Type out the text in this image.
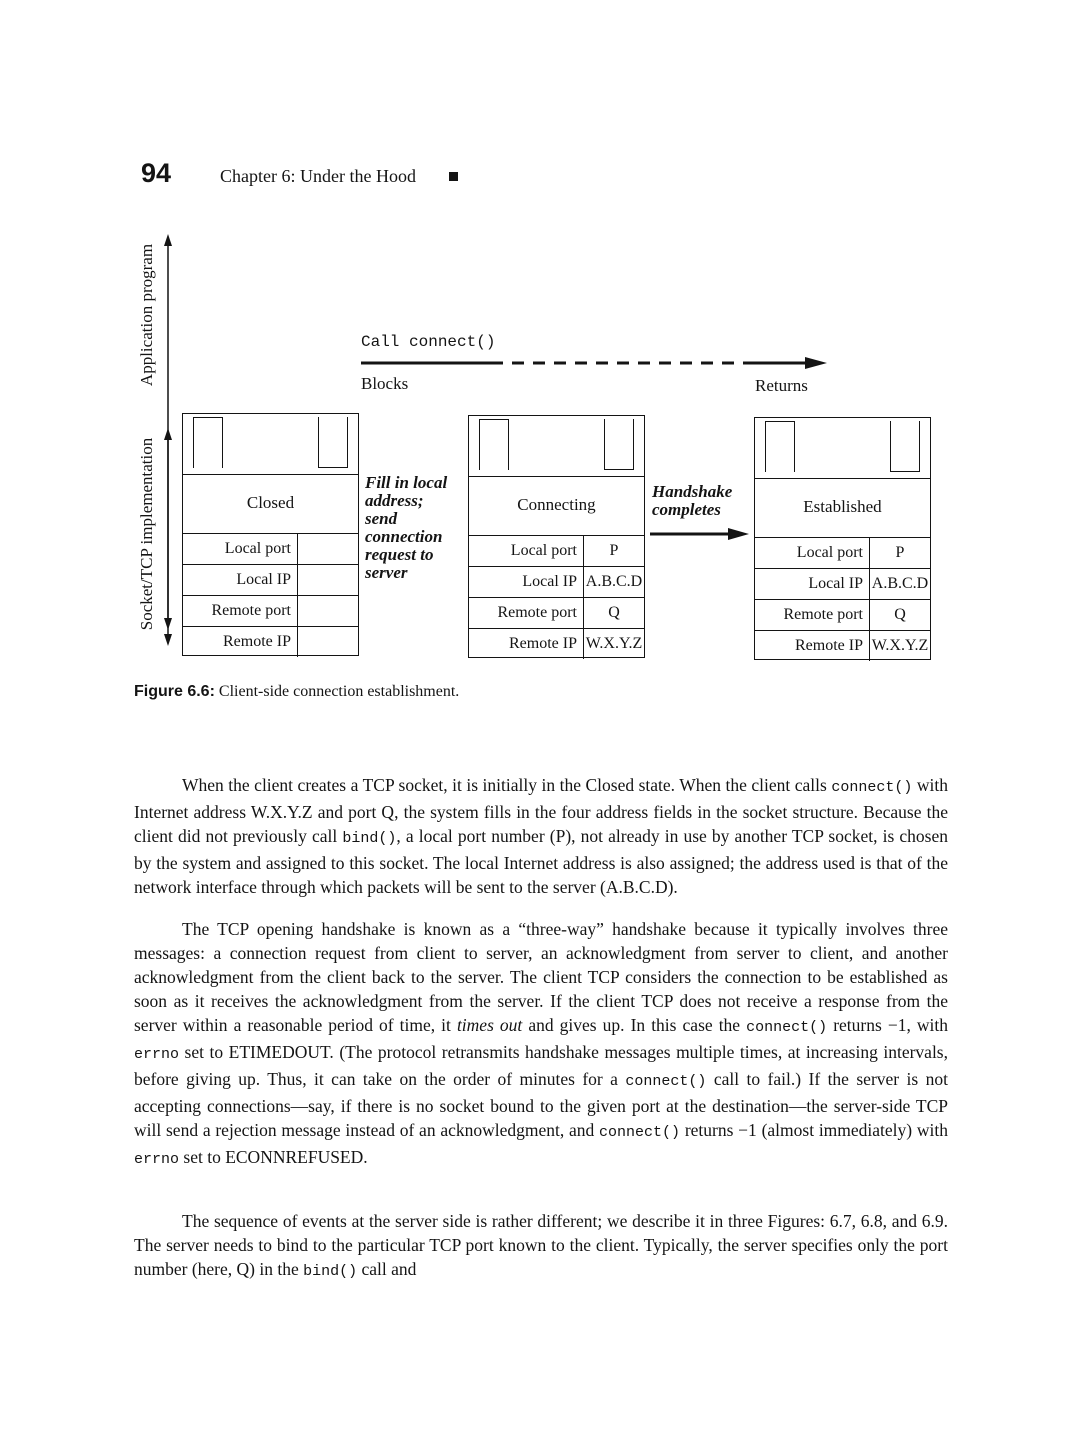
94	Chapter 6: Under the Hood
Application program
Socket/TCP implementation
Call connect()
Blocks	Returns
Closed
Local port	
Local IP	
Remote port	
Remote IP	
Fill in local
address;
send
connection
request to
server
Connecting
Local port	P
Local IP	A.B.C.D
Remote port	Q
Remote IP	W.X.Y.Z
Handshake
completes	Established
Local port	P
Local IP	A.B.C.D
Remote port	Q
Remote IP	W.X.Y.Z
Figure 6.6: Client-side connection establishment.
When the client creates a TCP socket, it is initially in the Closed state. When the client calls connect() with Internet address W.X.Y.Z and port Q, the system fills in the four address fields in the socket structure. Because the client did not previously call bind(), a local port number (P), not already in use by another TCP socket, is chosen by the system and assigned to this socket. The local Internet address is also assigned; the address used is that of the network interface through which packets will be sent to the server (A.B.C.D).
The TCP opening handshake is known as a “three-way” handshake because it typically involves three messages: a connection request from client to server, an acknowledgment from server to client, and another acknowledgment from the client back to the server. The client TCP considers the connection to be established as soon as it receives the acknowledgment from the server. If the client TCP does not receive a response from the server within a reasonable period of time, it times out and gives up. In this case the connect() returns −1, with errno set to ETIMEDOUT. (The protocol retransmits handshake messages multiple times, at increasing intervals, before giving up. Thus, it can take on the order of minutes for a connect() call to fail.) If the server is not accepting connections—say, if there is no socket bound to the given port at the destination—the server-side TCP will send a rejection message instead of an acknowledgment, and connect() returns −1 (almost immediately) with errno set to ECONNREFUSED.
The sequence of events at the server side is rather different; we describe it in three Figures: 6.7, 6.8, and 6.9. The server needs to bind to the particular TCP port known to the client. Typically, the server specifies only the port number (here, Q) in the bind() call and
